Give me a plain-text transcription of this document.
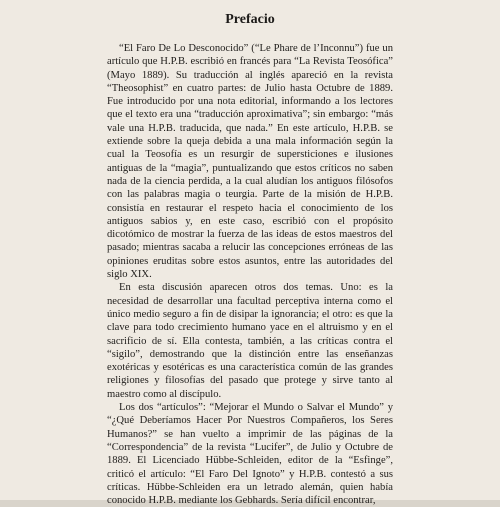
Prefacio

“El Faro De Lo Desconocido” (“Le Phare de l’Inconnu”) fue un artículo que H.P.B. escribió en francés para “La Revista Teosófica” (Mayo 1889). Su traducción al inglés apareció en la revista “Theosophist” en cuatro partes: de Julio hasta Octubre de 1889. Fue introducido por una nota editorial, informando a los lectores que el texto era una “traducción aproximativa”; sin embargo: “más vale una H.P.B. traducida, que nada.” En este artículo, H.P.B. se extiende sobre la queja debida a una mala información según la cual la Teosofía es un resurgir de supersticiones e ilusiones antiguas de la “magia”, puntualizando que estos críticos no saben nada de la ciencia perdida, a la cual aludían los antiguos filósofos con las palabras magia o teurgia. Parte de la misión de H.P.B. consistía en restaurar el respeto hacia el conocimiento de los antiguos sabios y, en este caso, escribió con el propósito dicotómico de mostrar la fuerza de las ideas de estos maestros del pasado; mientras sacaba a relucir las concepciones erróneas de las opiniones eruditas sobre estos asuntos, entre las autoridades del siglo XIX.

En esta discusión aparecen otros dos temas. Uno: es la necesidad de desarrollar una facultad perceptiva interna como el único medio seguro a fin de disipar la ignorancia; el otro: es que la clave para todo crecimiento humano yace en el altruismo y en el sacrificio de sí. Ella contesta, también, a las críticas contra el “sigilo”, demostrando que la distinción entre las enseñanzas exotéricas y esotéricas es una característica común de las grandes religiones y filosofías del pasado que protege y sirve tanto al maestro como al discípulo.

Los dos “artículos”: “Mejorar el Mundo o Salvar el Mundo” y “¿Qué Deberíamos Hacer Por Nuestros Compañeros, los Seres Humanos?” se han vuelto a imprimir de las páginas de la “Correspondencia” de la revista “Lucifer”, de Julio y Octubre de 1889. El Licenciado Hübbe-Schleiden, editor de la “Esfinge”, criticó el artículo: “El Faro Del Ignoto” y H.P.B. contestó a sus críticas. Hübbe-Schleiden era un letrado alemán, quien había conocido H.P.B. mediante los Gebhards. Sería difícil encontrar,
